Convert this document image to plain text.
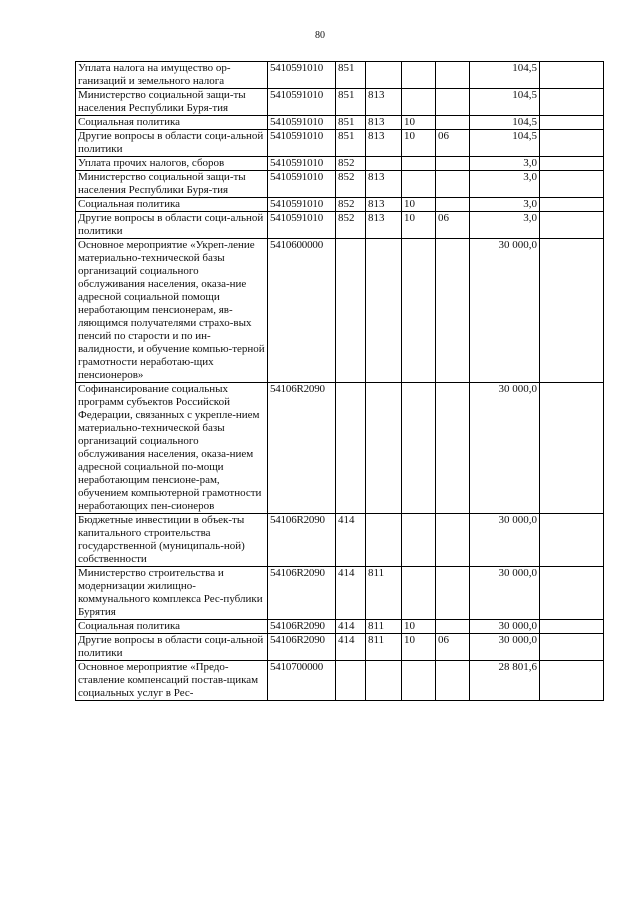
80
Уплата налога на имущество ор-ганизаций и земельного налога	5410591010	851				104,5	
Министерство социальной защи-ты населения Республики Буря-тия	5410591010	851	813			104,5	
Социальная политика	5410591010	851	813	10		104,5	
Другие вопросы в области соци-альной политики	5410591010	851	813	10	06	104,5	
Уплата прочих налогов, сборов	5410591010	852				3,0	
Министерство социальной защи-ты населения Республики Буря-тия	5410591010	852	813			3,0	
Социальная политика	5410591010	852	813	10		3,0	
Другие вопросы в области соци-альной политики	5410591010	852	813	10	06	3,0	
Основное мероприятие «Укреп-ление материально-технической базы организаций социального обслуживания населения, оказа-ние адресной социальной помощи неработающим пенсионерам, яв-ляющимся получателями страхо-вых пенсий по старости и по ин-валидности, и обучение компью-терной грамотности неработаю-щих пенсионеров»	5410600000					30 000,0	
Софинансирование социальных программ субъектов Российской Федерации, связанных с укрепле-нием материально-технической базы организаций социального обслуживания населения, оказа-нием адресной социальной по-мощи неработающим пенсионе-рам, обучением компьютерной грамотности неработающих пен-сионеров	54106R2090					30 000,0	
Бюджетные инвестиции в объек-ты капитального строительства государственной (муниципаль-ной) собственности	54106R2090	414				30 000,0	
Министерство строительства и модернизации жилищно-коммунального комплекса Рес-публики Бурятия	54106R2090	414	811			30 000,0	
Социальная политика	54106R2090	414	811	10		30 000,0	
Другие вопросы в области соци-альной политики	54106R2090	414	811	10	06	30 000,0	
Основное мероприятие «Предо-ставление компенсаций постав-щикам социальных услуг в Рес-	5410700000					28 801,6	
